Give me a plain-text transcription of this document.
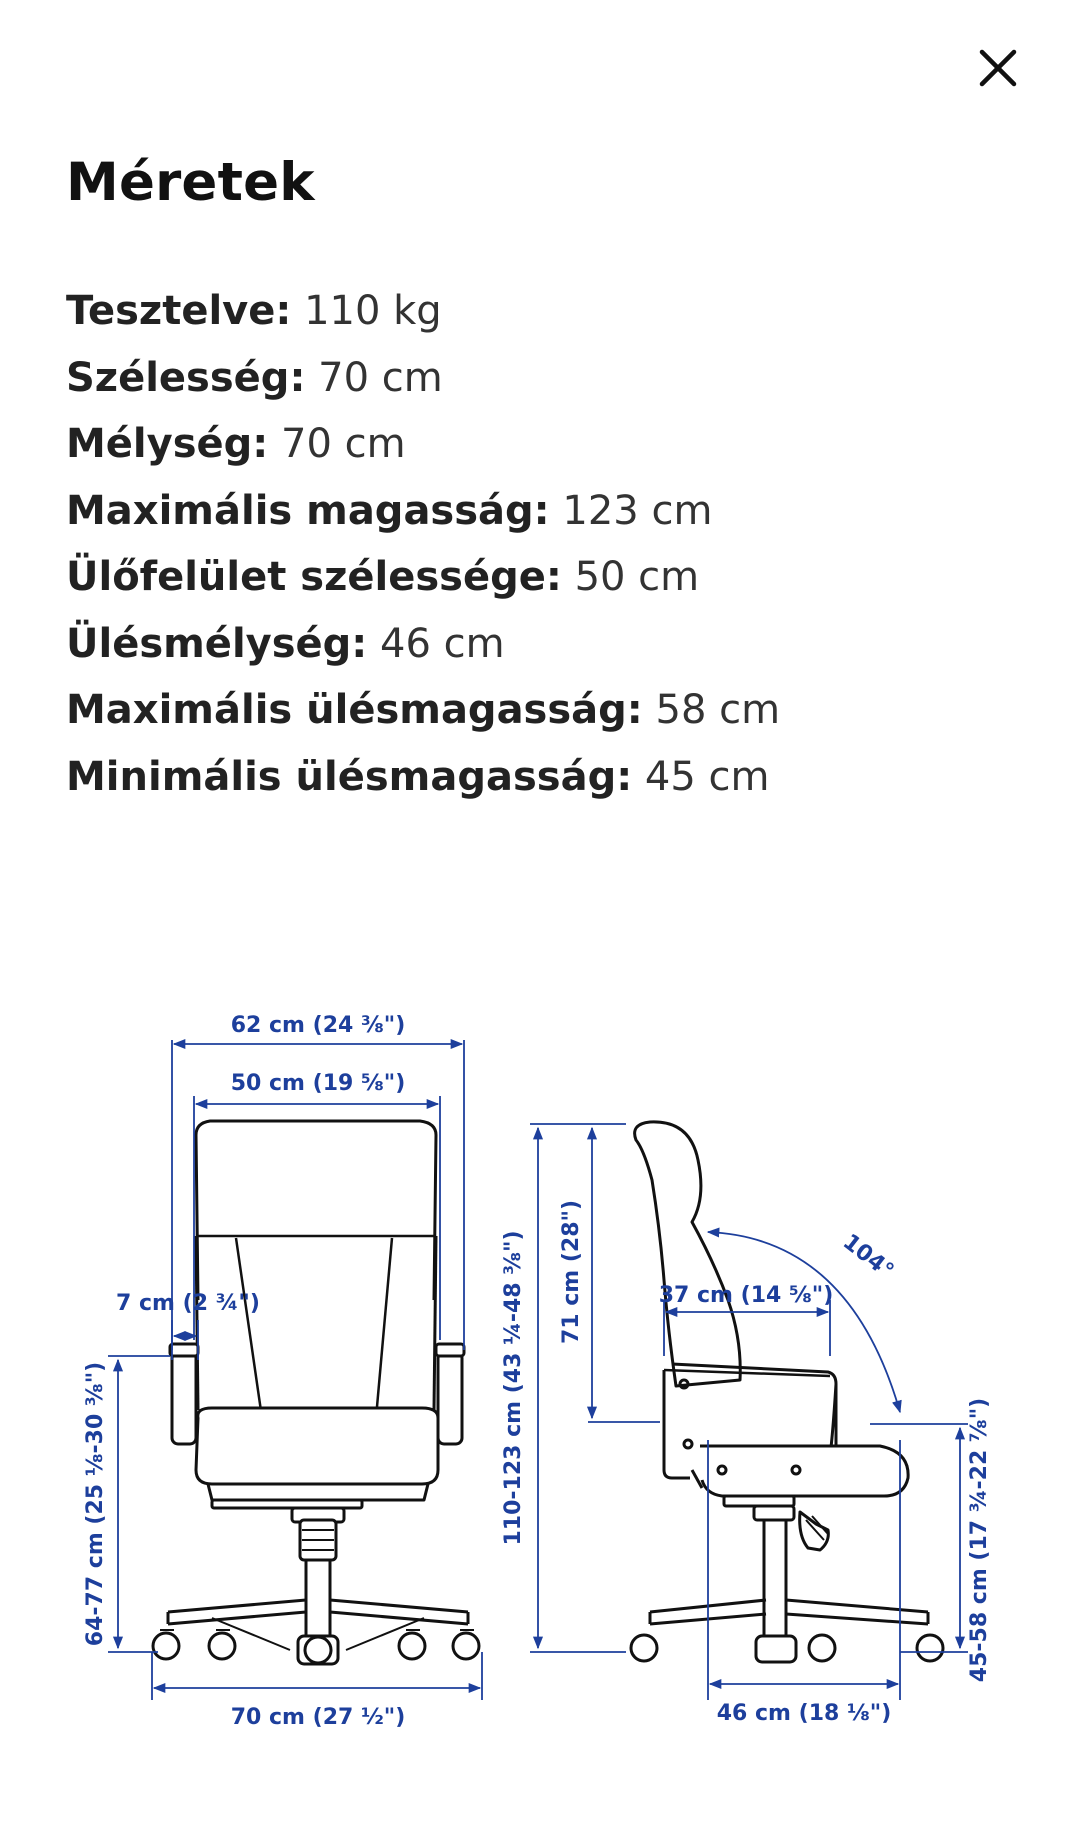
Méretek
Tesztelve: 110 kg
Szélesség: 70 cm
Mélység: 70 cm
Maximális magasság: 123 cm
Ülőfelület szélessége: 50 cm
Ülésmélység: 46 cm
Maximális ülésmagasság: 58 cm
Minimális ülésmagasság: 45 cm
62 cm (24 ⅜")
50 cm (19 ⅝")
7 cm (2 ¾")
64-77 cm (25 ⅛-30 ⅜")
70 cm (27 ½")
110-123 cm (43 ¼-48 ⅜") 71 cm (28")	37 cm (14 ⅝")
104°
45-58 cm (17 ¾-22 ⅞")
46 cm (18 ⅛")
